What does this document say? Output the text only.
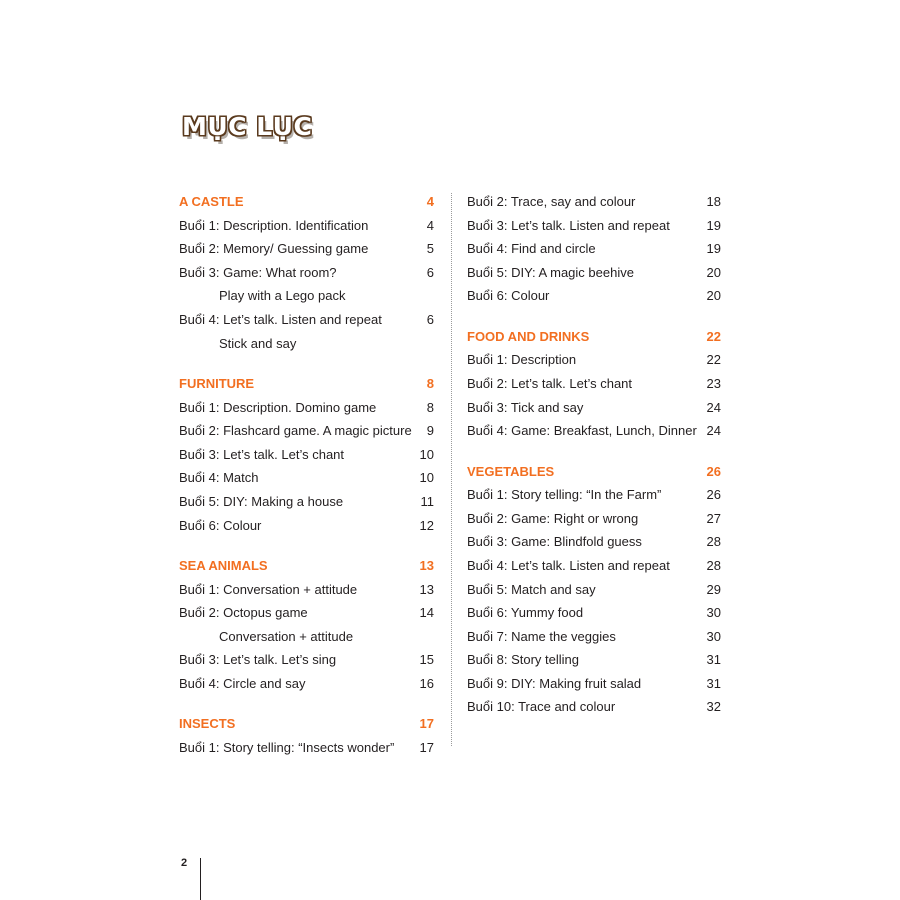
MỤC LỤC
A CASTLE	4
Buổi 1: Description. Identification	4
Buổi 2: Memory/ Guessing game	5
Buổi 3: Game: What room?	6
Play with a Lego pack
Buổi 4: Let’s talk. Listen and repeat	6
Stick and say
FURNITURE	8
Buổi 1: Description. Domino game	8
Buổi 2: Flashcard game. A magic picture	9
Buổi 3: Let’s talk. Let’s chant	10
Buổi 4: Match	10
Buổi 5: DIY: Making a house	11
Buổi 6: Colour	12
SEA ANIMALS	13
Buổi 1: Conversation + attitude	13
Buổi 2: Octopus game	14
Conversation + attitude
Buổi 3: Let’s talk. Let’s sing	15
Buổi 4: Circle and say	16
INSECTS	17
Buổi 1: Story telling: “Insects wonder”	17
Buổi 2: Trace, say and colour	18
Buổi 3: Let’s talk. Listen and repeat	19
Buổi 4: Find and circle	19
Buổi 5: DIY: A magic beehive	20
Buổi 6: Colour	20
FOOD AND DRINKS	22
Buổi 1: Description	22
Buổi 2: Let’s talk. Let’s chant	23
Buổi 3: Tick and say	24
Buổi 4: Game: Breakfast, Lunch, Dinner 24
VEGETABLES	26
Buổi 1: Story telling: “In the Farm”	26
Buổi 2: Game: Right or wrong	27
Buổi 3: Game: Blindfold guess	28
Buổi 4: Let’s talk. Listen and repeat	28
Buổi 5: Match and say	29
Buổi 6: Yummy food	30
Buổi 7: Name the veggies	30
Buổi 8: Story telling	31
Buổi 9: DIY: Making fruit salad	31
Buổi 10: Trace and colour	32
2
